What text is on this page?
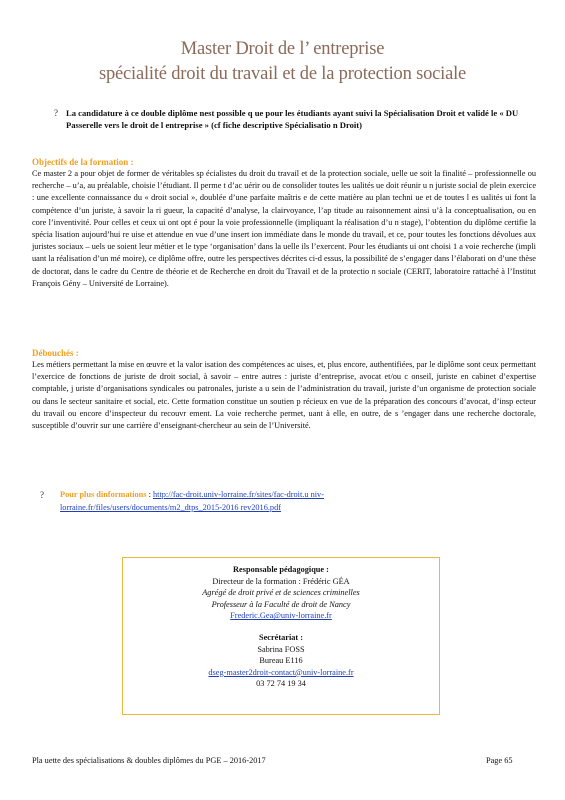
Master Droit de l’ entreprise
spécialité droit du travail et de la protection sociale
? La candidature à ce double diplôme nest possible q ue pour les étudiants ayant suivi la Spécialisation Droit et validé le « DU Passerelle vers le droit de l entreprise » (cf fiche descriptive Spécialisatio n Droit)
Objectifs de la formation :
Ce master 2 a pour objet de former de véritables sp écialistes du droit du travail et de la protection sociale, uelle ue soit la finalité – professionnelle ou recherche – u’a, au préalable, choisie l’étudiant. Il perme t d’ac uérir ou de consolider toutes les ualités ue doit réunir u n juriste social de plein exercice : une excellente connaissance du « droit social », doublée d’une parfaite maîtris e de cette matière au plan techni ue et de toutes l es ualités ui font la compétence d’un juriste, à savoir la ri gueur, la capacité d’analyse, la clairvoyance, l’ap titude au raisonnement ainsi u’à la conceptualisation, ou en core l’inventivité. Pour celles et ceux ui ont opt é pour la voie professionnelle (impliquant la réalisation d’u n stage), l’obtention du diplôme certifie la spécia lisation aujourd’hui re uise et attendue en vue d’une insert ion immédiate dans le monde du travail, et ce, pour toutes les fonctions dévolues aux juristes sociaux – uels ue soient leur métier et le type ‘organisation’ dans la uelle ils l’exercent. Pour les étudiants ui ont choisi 1 a voie recherche (impli uant la réalisation d’un mé moire), ce diplôme offre, outre les perspectives décrites ci-d essus, la possibilité de s’engager dans l’élaborati on d’une thèse de doctorat, dans le cadre du Centre de théorie et de Recherche en droit du Travail et de la protectio n sociale (CERIT, laboratoire rattaché à l’Institut François Gény – Université de Lorraine).
Débouchés :
Les métiers permettant la mise en œuvre et la valor isation des compétences ac uises, et, plus encore, authentifiées, par le diplôme sont ceux permettant l’exercice de fonctions de juriste de droit social, à savoir – entre autres : juriste d’entreprise, avocat et/ou c onseil, juriste en cabinet d’expertise comptable, j uriste d’organisations syndicales ou patronales, juriste a u sein de l’administration du travail, juriste d’un organisme de protection sociale ou dans le secteur sanitaire et social, etc. Cette formation constitue un soutien p récieux en vue de la préparation des concours d’avocat, d’insp ecteur du travail ou encore d’inspecteur du recouvr ement. La voie recherche permet, uant à elle, en outre, de s ’engager dans une recherche doctorale, susceptible d’ouvrir sur une carrière d’enseignant-chercheur au sein de l’Université.
? Pour plus dinformations : http://fac-droit.univ-lorraine.fr/sites/fac-droit.u niv-lorraine.fr/files/users/documents/m2_dtps_2015-2016 rev2016.pdf
Responsable pédagogique :
Directeur de la formation : Frédéric GÉA
Agrégé de droit privé et de sciences criminelles
Professeur à la Faculté de droit de Nancy
Frederic.Gea@univ-lorraine.fr
Secrétariat :
Sabrina FOSS
Bureau E116
dseg-master2droit-contact@univ-lorraine.fr
03 72 74 19 34
Pla uette des spécialisations & doubles diplômes du PGE – 2016-2017	Page 65
